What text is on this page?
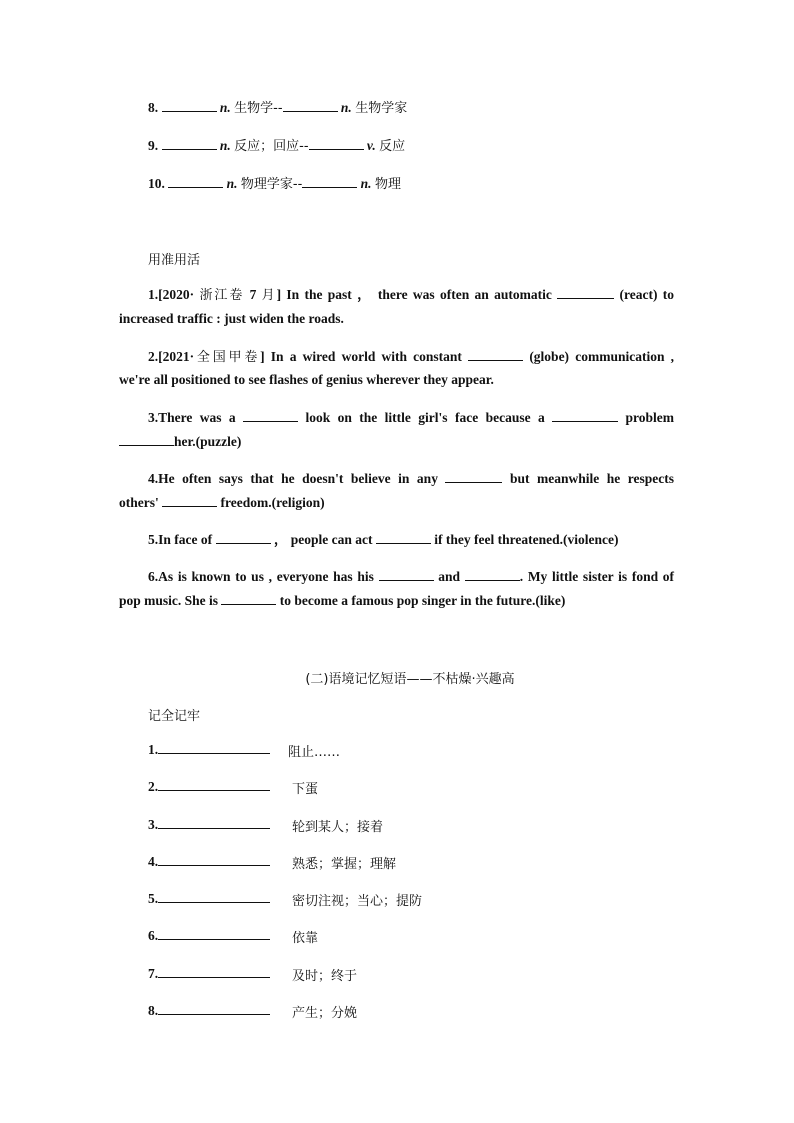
8.	n. 生物学--	n. 生物学家
9.	n. 反应；回应--	v. 反应
10.	n. 物理学家--	n. 物理
用准用活
1.[2020· 浙江卷 7 月] In the past ， there was often an automatic	(react) to
increased traffic : just widen the roads.
2.[2021·全国甲卷] In a wired world with constant	(globe) communication ,
we're all positioned to see flashes of genius wherever they appear.
3.There was a	look on the little girl's face because a	problem
her.(puzzle)
4.He often says that he doesn't believe in any	but meanwhile he respects
others'	freedom.(religion)
5.In face of	， people can act	if they feel threatened.(violence)
6.As is known to us , everyone has his	and	. My little sister is fond of
pop music. She is	to become a famous pop singer in the future.(like)
(二)语境记忆短语——不枯燥·兴趣高
记全记牢
1.	阻止……
2.	下蛋
3.	轮到某人；接着
4.	熟悉；掌握；理解
5.	密切注视；当心；提防
6.	依靠
7.	及时；终于
8.	产生；分娩
